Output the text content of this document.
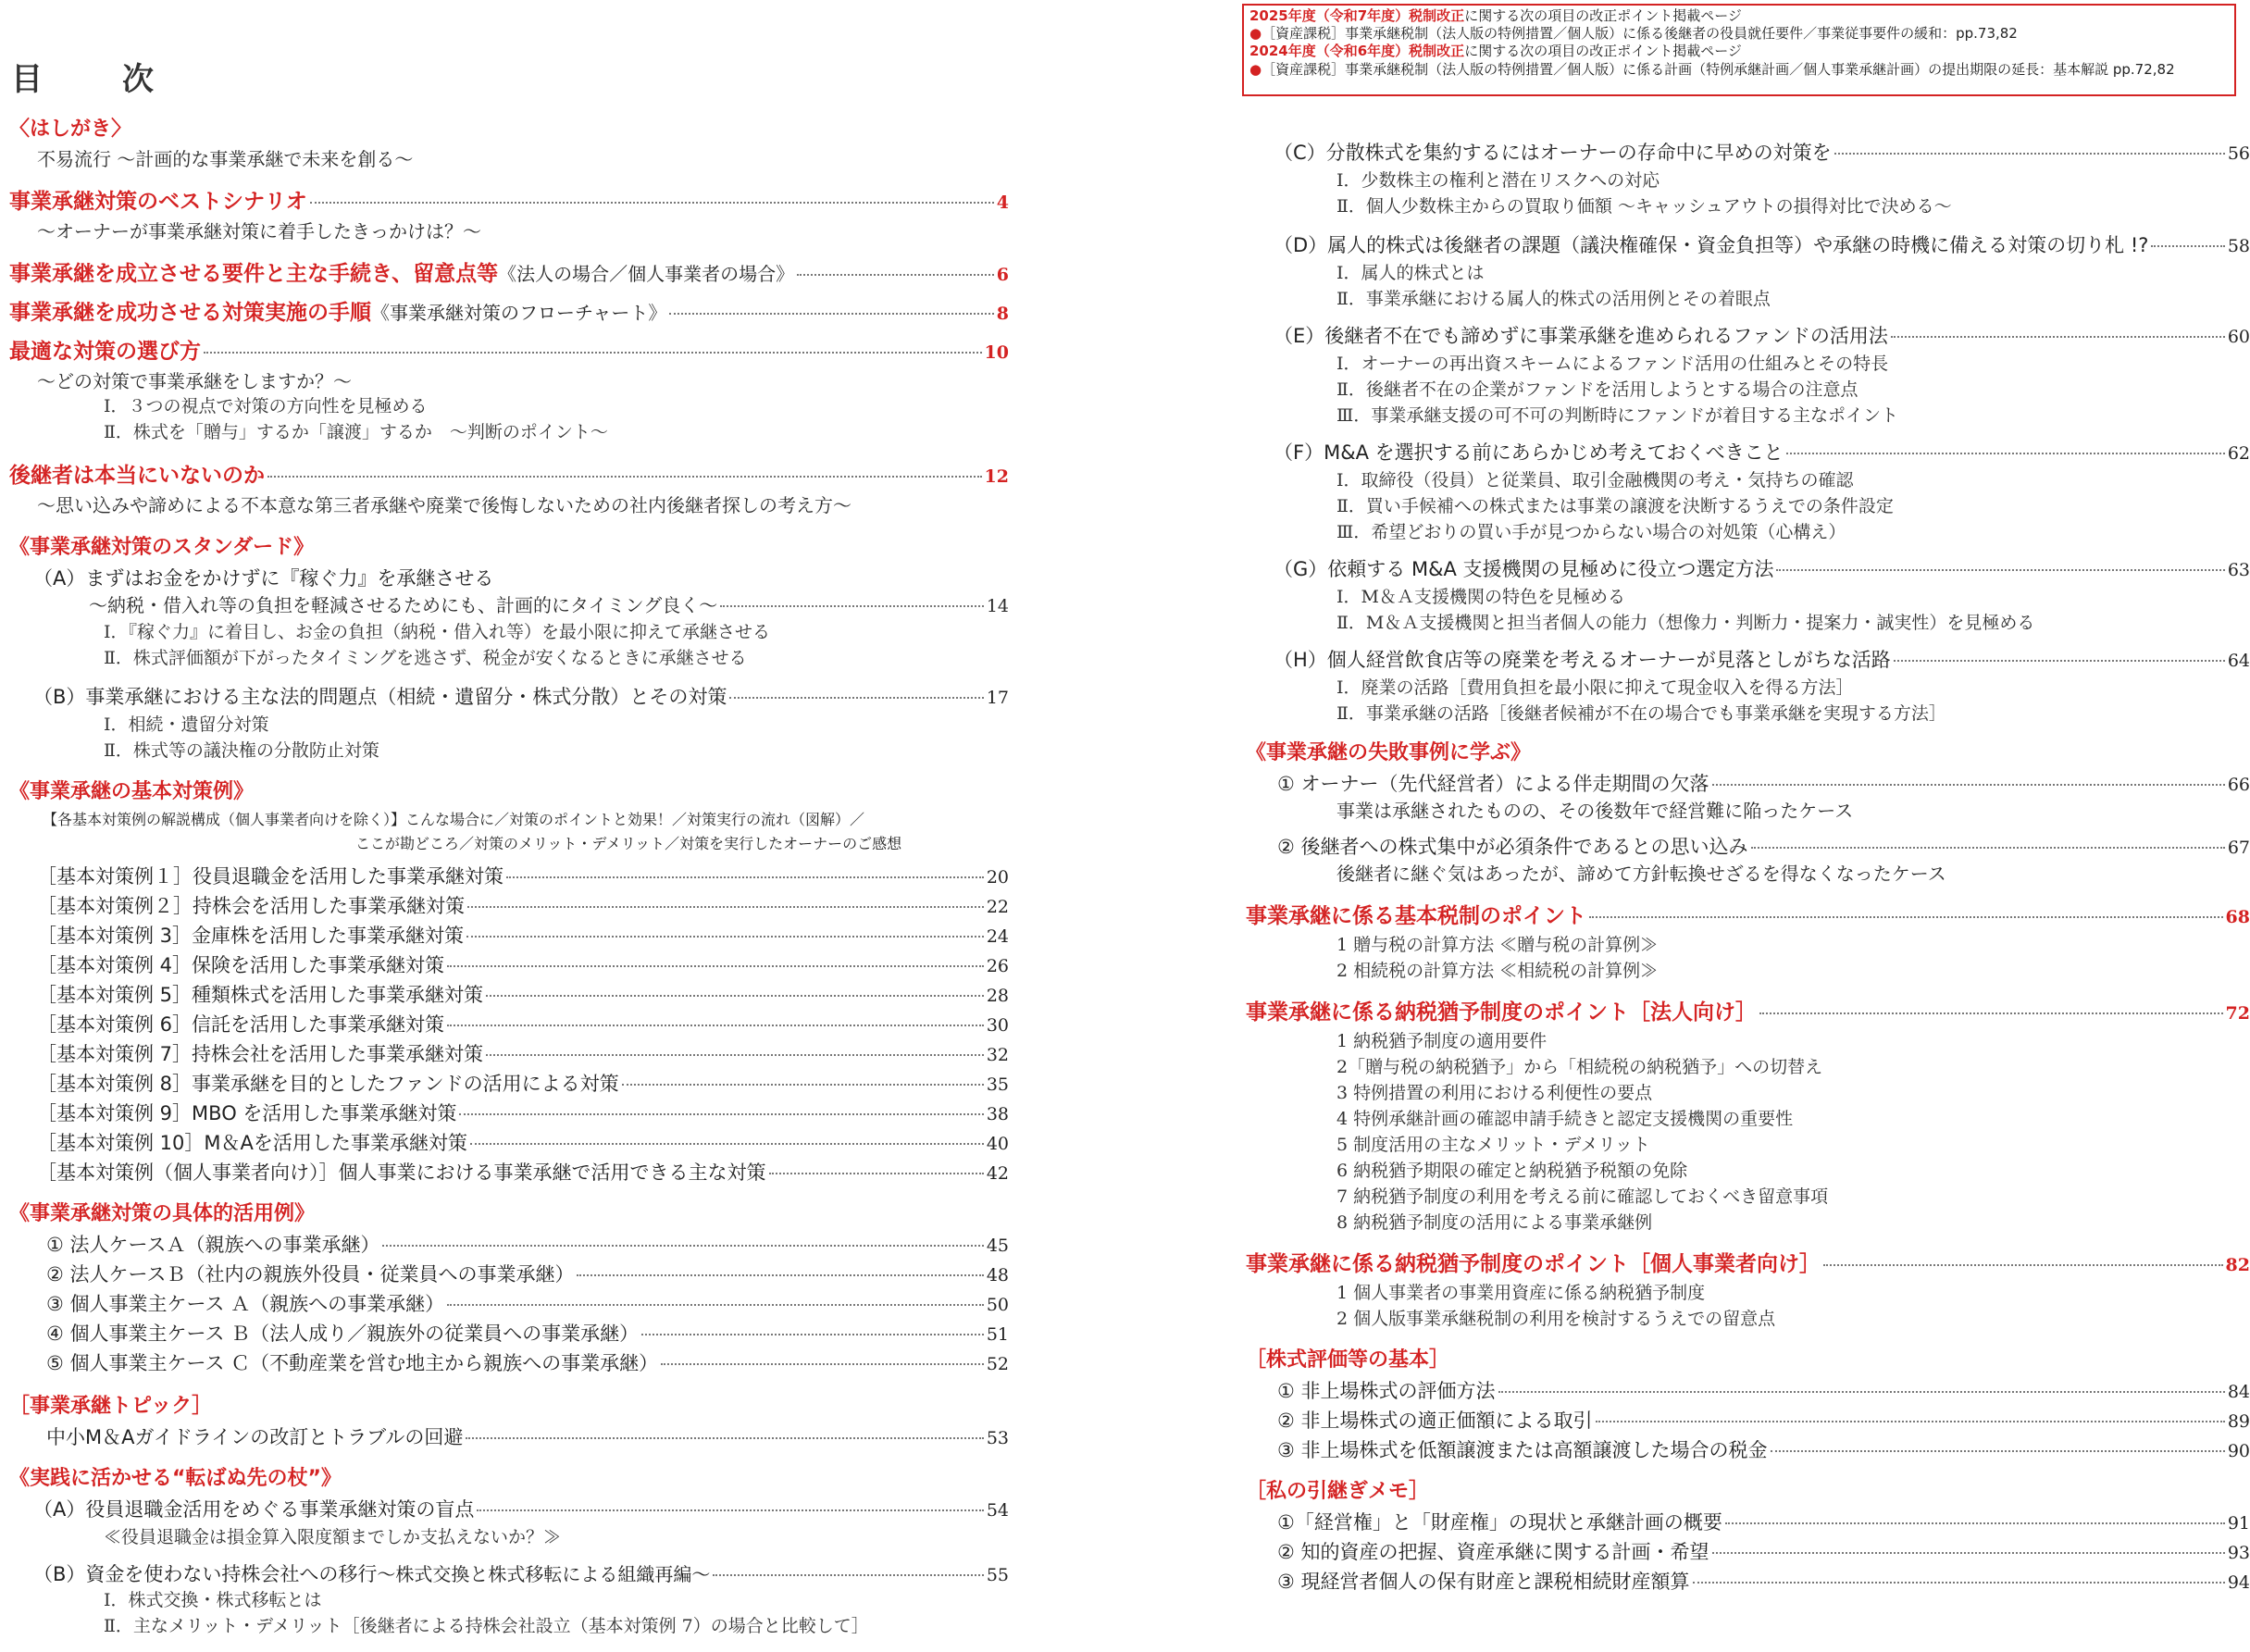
目　次
2025年度（令和7年度）税制改正に関する次の項目の改正ポイント掲載ページ
●［資産課税］事業承継税制（法人版の特例措置／個人版）に係る後継者の役員就任要件／事業従事要件の緩和：pp.73,82
2024年度（令和6年度）税制改正に関する次の項目の改正ポイント掲載ページ
●［資産課税］事業承継税制（法人版の特例措置／個人版）に係る計画（特例承継計画／個人事業承継計画）の提出期限の延長：基本解説 pp.72,82
〈はしがき〉
不易流行 ～計画的な事業承継で未来を創る～
事業承継対策のベストシナリオ	4
～オーナーが事業承継対策に着手したきっかけは？～
事業承継を成立させる要件と主な手続き、留意点等 《法人の場合／個人事業者の場合》	6
事業承継を成功させる対策実施の手順 《事業承継対策のフローチャート》	8
最適な対策の選び方	10
～どの対策で事業承継をしますか？～
Ⅰ．３つの視点で対策の方向性を見極める
Ⅱ．株式を「贈与」するか「譲渡」するか　～判断のポイント～
後継者は本当にいないのか	12
～思い込みや諦めによる不本意な第三者承継や廃業で後悔しないための社内後継者探しの考え方～
《事業承継対策のスタンダード》
（A）まずはお金をかけずに『稼ぐ力』を承継させる
～納税・借入れ等の負担を軽減させるためにも、計画的にタイミング良く～	14
Ⅰ．『稼ぐ力』に着目し、お金の負担（納税・借入れ等）を最小限に抑えて承継させる
Ⅱ．株式評価額が下がったタイミングを逃さず、税金が安くなるときに承継させる
（B）事業承継における主な法的問題点（相続・遺留分・株式分散）とその対策	17
Ⅰ．相続・遺留分対策
Ⅱ．株式等の議決権の分散防止対策
《事業承継の基本対策例》
【各基本対策例の解説構成（個人事業者向けを除く）】こんな場合に／対策のポイントと効果！／対策実行の流れ（図解）／
ここが勘どころ／対策のメリット・デメリット／対策を実行したオーナーのご感想
［基本対策例１］役員退職金を活用した事業承継対策	20
［基本対策例２］持株会を活用した事業承継対策	22
［基本対策例 3］金庫株を活用した事業承継対策	24
［基本対策例 4］保険を活用した事業承継対策	26
［基本対策例 5］種類株式を活用した事業承継対策	28
［基本対策例 6］信託を活用した事業承継対策	30
［基本対策例 7］持株会社を活用した事業承継対策	32
［基本対策例 8］事業承継を目的としたファンドの活用による対策	35
［基本対策例 9］MBO を活用した事業承継対策	38
［基本対策例 10］M＆Aを活用した事業承継対策	40
［基本対策例（個人事業者向け）］個人事業における事業承継で活用できる主な対策	42
《事業承継対策の具体的活用例》
① 法人ケースＡ（親族への事業承継）	45
② 法人ケースＢ（社内の親族外役員・従業員への事業承継）	48
③ 個人事業主ケース Ａ（親族への事業承継）	50
④ 個人事業主ケース Ｂ（法人成り／親族外の従業員への事業承継）	51
⑤ 個人事業主ケース Ｃ（不動産業を営む地主から親族への事業承継）	52
［事業承継トピック］
中小M＆Aガイドラインの改訂とトラブルの回避	53
《実践に活かせる“転ばぬ先の杖”》
（A）役員退職金活用をめぐる事業承継対策の盲点	54
≪役員退職金は損金算入限度額までしか支払えないか？≫
（B）資金を使わない持株会社への移行 ～株式交換と株式移転による組織再編～	55
Ⅰ．株式交換・株式移転とは
Ⅱ．主なメリット・デメリット［後継者による持株会社設立（基本対策例 7）の場合と比較して］
（C）分散株式を集約するにはオーナーの存命中に早めの対策を	56
Ⅰ．少数株主の権利と潜在リスクへの対応
Ⅱ．個人少数株主からの買取り価額 ～キャッシュアウトの損得対比で決める～
（D）属人的株式は後継者の課題（議決権確保・資金負担等）や承継の時機に備える対策の切り札 !?	58
Ⅰ．属人的株式とは
Ⅱ．事業承継における属人的株式の活用例とその着眼点
（E）後継者不在でも諦めずに事業承継を進められるファンドの活用法	60
Ⅰ．オーナーの再出資スキームによるファンド活用の仕組みとその特長
Ⅱ．後継者不在の企業がファンドを活用しようとする場合の注意点
Ⅲ．事業承継支援の可不可の判断時にファンドが着目する主なポイント
（F）M&A を選択する前にあらかじめ考えておくべきこと	62
Ⅰ．取締役（役員）と従業員、取引金融機関の考え・気持ちの確認
Ⅱ．買い手候補への株式または事業の譲渡を決断するうえでの条件設定
Ⅲ．希望どおりの買い手が見つからない場合の対処策（心構え）
（G）依頼する M&A 支援機関の見極めに役立つ選定方法	63
Ⅰ．M＆Ａ支援機関の特色を見極める
Ⅱ．M＆Ａ支援機関と担当者個人の能力（想像力・判断力・提案力・誠実性）を見極める
（H）個人経営飲食店等の廃業を考えるオーナーが見落としがちな活路	64
Ⅰ．廃業の活路［費用負担を最小限に抑えて現金収入を得る方法］
Ⅱ．事業承継の活路［後継者候補が不在の場合でも事業承継を実現する方法］
《事業承継の失敗事例に学ぶ》
① オーナー（先代経営者）による伴走期間の欠落	66
事業は承継されたものの、その後数年で経営難に陥ったケース
② 後継者への株式集中が必須条件であるとの思い込み	67
後継者に継ぐ気はあったが、諦めて方針転換せざるを得なくなったケース
事業承継に係る基本税制のポイント	68
1 贈与税の計算方法 ≪贈与税の計算例≫
2 相続税の計算方法 ≪相続税の計算例≫
事業承継に係る納税猶予制度のポイント［法人向け］	72
1 納税猶予制度の適用要件
2「贈与税の納税猶予」から「相続税の納税猶予」への切替え
3 特例措置の利用における利便性の要点
4 特例承継計画の確認申請手続きと認定支援機関の重要性
5 制度活用の主なメリット・デメリット
6 納税猶予期限の確定と納税猶予税額の免除
7 納税猶予制度の利用を考える前に確認しておくべき留意事項
8 納税猶予制度の活用による事業承継例
事業承継に係る納税猶予制度のポイント［個人事業者向け］	82
1 個人事業者の事業用資産に係る納税猶予制度
2 個人版事業承継税制の利用を検討するうえでの留意点
［株式評価等の基本］
① 非上場株式の評価方法	84
② 非上場株式の適正価額による取引	89
③ 非上場株式を低額譲渡または高額譲渡した場合の税金	90
［私の引継ぎメモ］
①「経営権」と「財産権」の現状と承継計画の概要	91
② 知的資産の把握、資産承継に関する計画・希望	93
③ 現経営者個人の保有財産と課税相続財産額算	94
